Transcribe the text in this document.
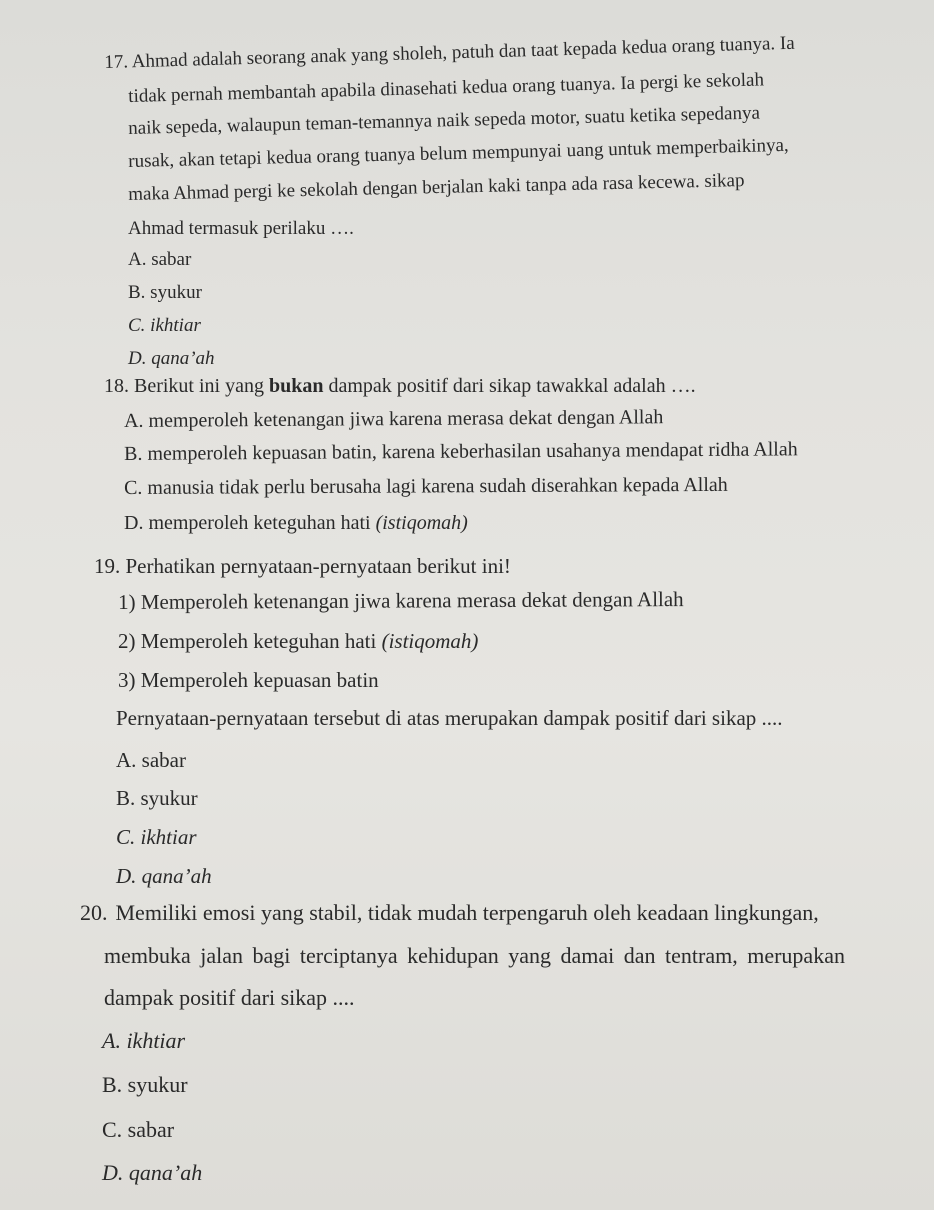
17. Ahmad adalah seorang anak yang sholeh, patuh dan taat kepada kedua orang tuanya. Ia
tidak pernah membantah apabila dinasehati kedua orang tuanya. Ia pergi ke sekolah
naik sepeda, walaupun teman-temannya naik sepeda motor, suatu ketika sepedanya
rusak, akan tetapi kedua orang tuanya belum mempunyai uang untuk memperbaikinya,
maka Ahmad pergi ke sekolah dengan berjalan kaki tanpa ada rasa kecewa. sikap
Ahmad termasuk perilaku ….
A. sabar
B. syukur
C. ikhtiar
D. qana’ah
18. Berikut ini yang bukan dampak positif dari sikap tawakkal adalah ….
A. memperoleh ketenangan jiwa karena merasa dekat dengan Allah
B. memperoleh kepuasan batin, karena keberhasilan usahanya mendapat ridha Allah
C. manusia tidak perlu berusaha lagi karena sudah diserahkan kepada Allah
D. memperoleh keteguhan hati (istiqomah)
19. Perhatikan pernyataan-pernyataan berikut ini!
1) Memperoleh ketenangan jiwa karena merasa dekat dengan Allah
2) Memperoleh keteguhan hati (istiqomah)
3) Memperoleh kepuasan batin
Pernyataan-pernyataan tersebut di atas merupakan dampak positif dari sikap ....
A. sabar
B. syukur
C. ikhtiar
D. qana’ah
20. Memiliki emosi yang stabil, tidak mudah terpengaruh oleh keadaan lingkungan,
membuka jalan bagi terciptanya kehidupan yang damai dan tentram, merupakan
dampak positif dari sikap ....
A. ikhtiar
B. syukur
C. sabar
D. qana’ah
